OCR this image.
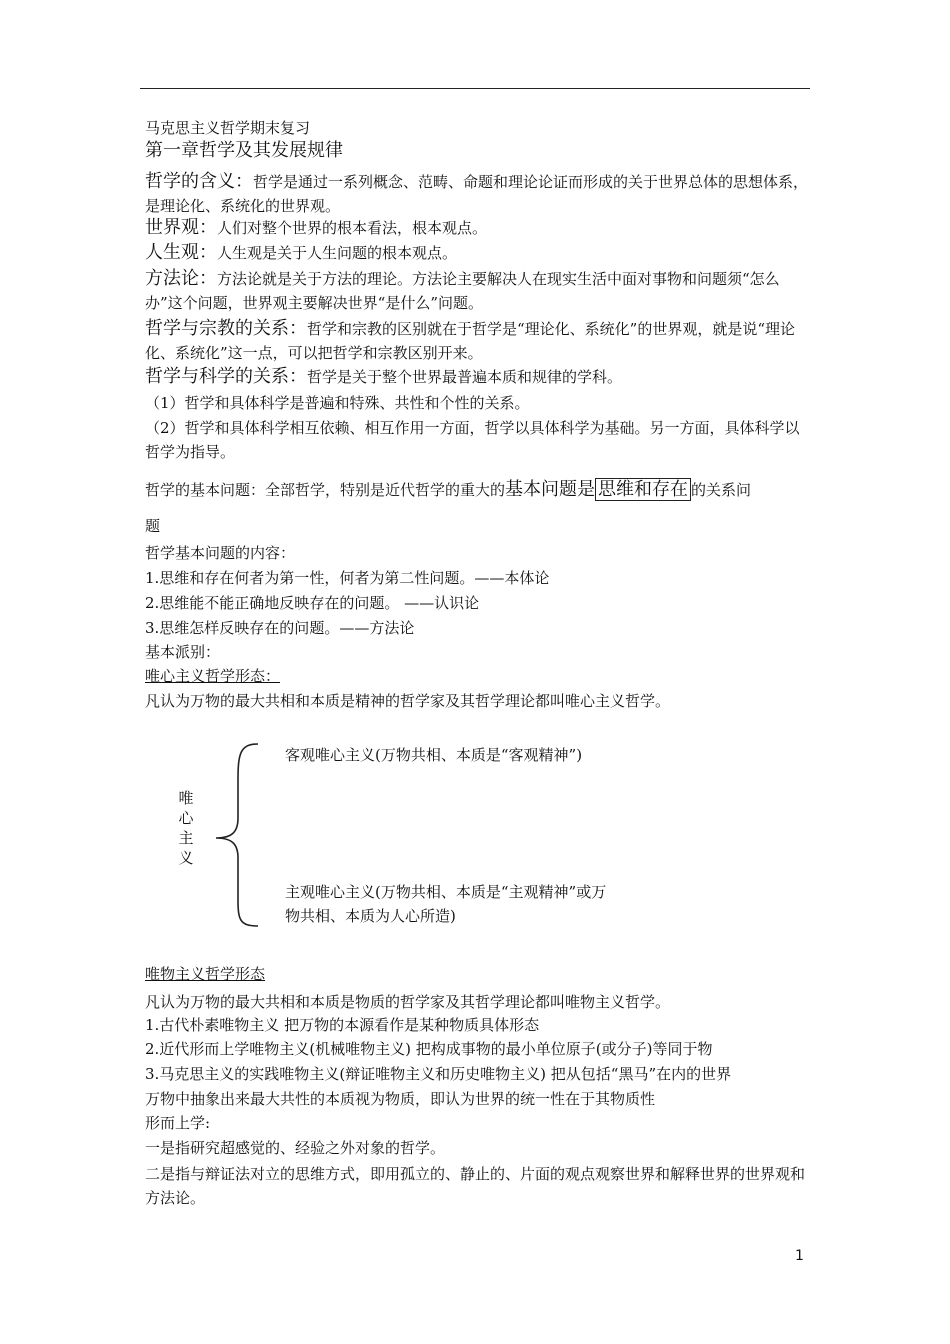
马克思主义哲学期末复习
第一章哲学及其发展规律
哲学的含义：哲学是通过一系列概念、范畴、命题和理论论证而形成的关于世界总体的思想体系，是理论化、系统化的世界观。
世界观：人们对整个世界的根本看法，根本观点。
人生观：人生观是关于人生问题的根本观点。
方法论：方法论就是关于方法的理论。方法论主要解决人在现实生活中面对事物和问题须“怎么办”这个问题，世界观主要解决世界“是什么”问题。
哲学与宗教的关系：哲学和宗教的区别就在于哲学是“理论化、系统化”的世界观，就是说“理论化、系统化”这一点，可以把哲学和宗教区别开来。
哲学与科学的关系：哲学是关于整个世界最普遍本质和规律的学科。
（1）哲学和具体科学是普遍和特殊、共性和个性的关系。
（2）哲学和具体科学相互依赖、相互作用一方面，哲学以具体科学为基础。另一方面，具体科学以哲学为指导。
哲学的基本问题：全部哲学，特别是近代哲学的重大的基本问题是 思维和存在 的关系问
题
哲学基本问题的内容：
1.思维和存在何者为第一性，何者为第二性问题。——本体论
2.思维能不能正确地反映存在的问题。 ——认识论
3.思维怎样反映存在的问题。——方法论
基本派别：
唯心主义哲学形态：
凡认为万物的最大共相和本质是精神的哲学家及其哲学理论都叫唯心主义哲学。
唯
心
主
义
客观唯心主义(万物共相、本质是“客观精神”)
主观唯心主义(万物共相、本质是“主观精神”或万
物共相、本质为人心所造)
唯物主义哲学形态
凡认为万物的最大共相和本质是物质的哲学家及其哲学理论都叫唯物主义哲学。
1.古代朴素唯物主义 把万物的本源看作是某种物质具体形态
2.近代形而上学唯物主义(机械唯物主义) 把构成事物的最小单位原子(或分子)等同于物
3.马克思主义的实践唯物主义(辩证唯物主义和历史唯物主义) 把从包括“黑马”在内的世界
万物中抽象出来最大共性的本质视为物质，即认为世界的统一性在于其物质性
形而上学:
一是指研究超感觉的、经验之外对象的哲学。
二是指与辩证法对立的思维方式，即用孤立的、静止的、片面的观点观察世界和解释世界的世界观和方法论。
1
